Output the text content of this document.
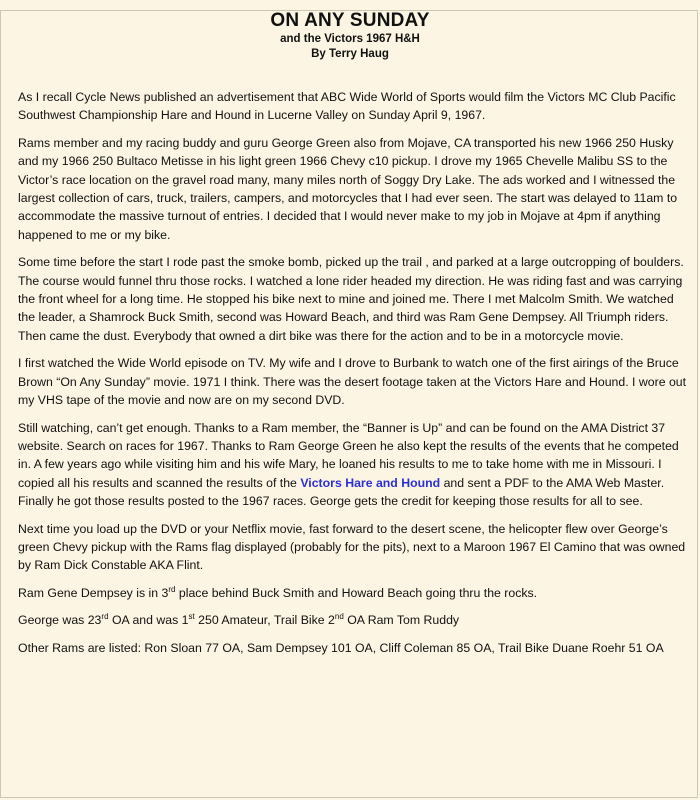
ON ANY SUNDAY
and the Victors 1967 H&H
By Terry Haug

As I recall Cycle News published an advertisement that ABC Wide World of Sports would film the Victors MC Club Pacific Southwest Championship Hare and Hound in Lucerne Valley on Sunday April 9, 1967.

Rams member and my racing buddy and guru George Green also from Mojave, CA transported his new 1966 250 Husky and my 1966 250 Bultaco Metisse in his light green 1966 Chevy c10 pickup. I drove my 1965 Chevelle Malibu SS to the Victor’s race location on the gravel road many, many miles north of Soggy Dry Lake. The ads worked and I witnessed the largest collection of cars, truck, trailers, campers, and motorcycles that I had ever seen. The start was delayed to 11am to accommodate the massive turnout of entries. I decided that I would never make to my job in Mojave at 4pm if anything happened to me or my bike.

Some time before the start I rode past the smoke bomb, picked up the trail , and parked at a large outcropping of boulders. The course would funnel thru those rocks. I watched a lone rider headed my direction. He was riding fast and was carrying the front wheel for a long time. He stopped his bike next to mine and joined me. There I met Malcolm Smith. We watched the leader, a Shamrock Buck Smith, second was Howard Beach, and third was Ram Gene Dempsey. All Triumph riders. Then came the dust. Everybody that owned a dirt bike was there for the action and to be in a motorcycle movie.

I first watched the Wide World episode on TV. My wife and I drove to Burbank to watch one of the first airings of the Bruce Brown “On Any Sunday” movie. 1971 I think. There was the desert footage taken at the Victors Hare and Hound. I wore out my VHS tape of the movie and now are on my second DVD.

Still watching, can’t get enough. Thanks to a Ram member, the “Banner is Up” and can be found on the AMA District 37 website. Search on races for 1967. Thanks to Ram George Green he also kept the results of the events that he competed in. A few years ago while visiting him and his wife Mary, he loaned his results to me to take home with me in Missouri. I copied all his results and scanned the results of the Victors Hare and Hound and sent a PDF to the AMA Web Master. Finally he got those results posted to the 1967 races. George gets the credit for keeping those results for all to see.

Next time you load up the DVD or your Netflix movie, fast forward to the desert scene, the helicopter flew over George’s green Chevy pickup with the Rams flag displayed (probably for the pits), next to a Maroon 1967 El Camino that was owned by Ram Dick Constable AKA Flint.

Ram Gene Dempsey is in 3rd place behind Buck Smith and Howard Beach going thru the rocks.

George was 23rd OA and was 1st 250 Amateur, Trail Bike 2nd OA Ram Tom Ruddy

Other Rams are listed: Ron Sloan 77 OA, Sam Dempsey 101 OA, Cliff Coleman 85 OA, Trail Bike Duane Roehr 51 OA
